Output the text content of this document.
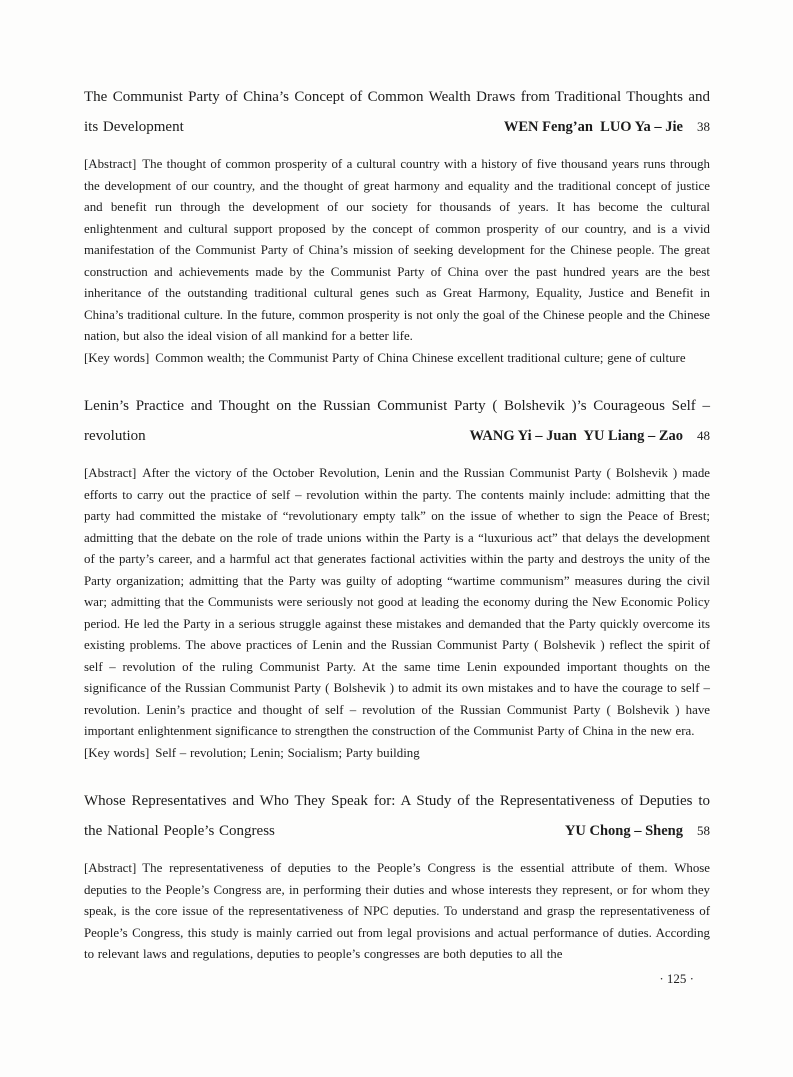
The Communist Party of China’s Concept of Common Wealth Draws from Traditional Thoughts and
its Development	WEN Feng’an  LUO Ya – Jie 38

[Abstract] The thought of common prosperity of a cultural country with a history of five thousand years runs through the development of our country, and the thought of great harmony and equality and the traditional concept of justice and benefit run through the development of our society for thousands of years. It has become the cultural enlightenment and cultural support proposed by the concept of common prosperity of our country, and is a vivid manifestation of the Communist Party of China’s mission of seeking development for the Chinese people. The great construction and achievements made by the Communist Party of China over the past hundred years are the best inheritance of the outstanding traditional cultural genes such as Great Harmony, Equality, Justice and Benefit in China’s traditional culture. In the future, common prosperity is not only the goal of the Chinese people and the Chinese nation, but also the ideal vision of all mankind for a better life.

[Key words] Common wealth; the Communist Party of China Chinese excellent traditional culture; gene of culture

Lenin’s Practice and Thought on the Russian Communist Party ( Bolshevik )’s Courageous Self –
revolution	WANG Yi – Juan  YU Liang – Zao 48

[Abstract] After the victory of the October Revolution, Lenin and the Russian Communist Party ( Bolshevik ) made efforts to carry out the practice of self – revolution within the party. The contents mainly include: admitting that the party had committed the mistake of “revolutionary empty talk” on the issue of whether to sign the Peace of Brest; admitting that the debate on the role of trade unions within the Party is a “luxurious act” that delays the development of the party’s career, and a harmful act that generates factional activities within the party and destroys the unity of the Party organization; admitting that the Party was guilty of adopting “wartime communism” measures during the civil war; admitting that the Communists were seriously not good at leading the economy during the New Economic Policy period. He led the Party in a serious struggle against these mistakes and demanded that the Party quickly overcome its existing problems. The above practices of Lenin and the Russian Communist Party ( Bolshevik ) reflect the spirit of self – revolution of the ruling Communist Party. At the same time Lenin expounded important thoughts on the significance of the Russian Communist Party ( Bolshevik ) to admit its own mistakes and to have the courage to self – revolution. Lenin’s practice and thought of self – revolution of the Russian Communist Party ( Bolshevik ) have important enlightenment significance to strengthen the construction of the Communist Party of China in the new era.

[Key words] Self – revolution; Lenin; Socialism; Party building

Whose Representatives and Who They Speak for: A Study of the Representativeness of Deputies to
the National People’s Congress	YU Chong – Sheng 58

[Abstract] The representativeness of deputies to the People’s Congress is the essential attribute of them. Whose deputies to the People’s Congress are, in performing their duties and whose interests they represent, or for whom they speak, is the core issue of the representativeness of NPC deputies. To understand and grasp the representativeness of People’s Congress, this study is mainly carried out from legal provisions and actual performance of duties. According to relevant laws and regulations, deputies to people’s congresses are both deputies to all the

· 125 ·
